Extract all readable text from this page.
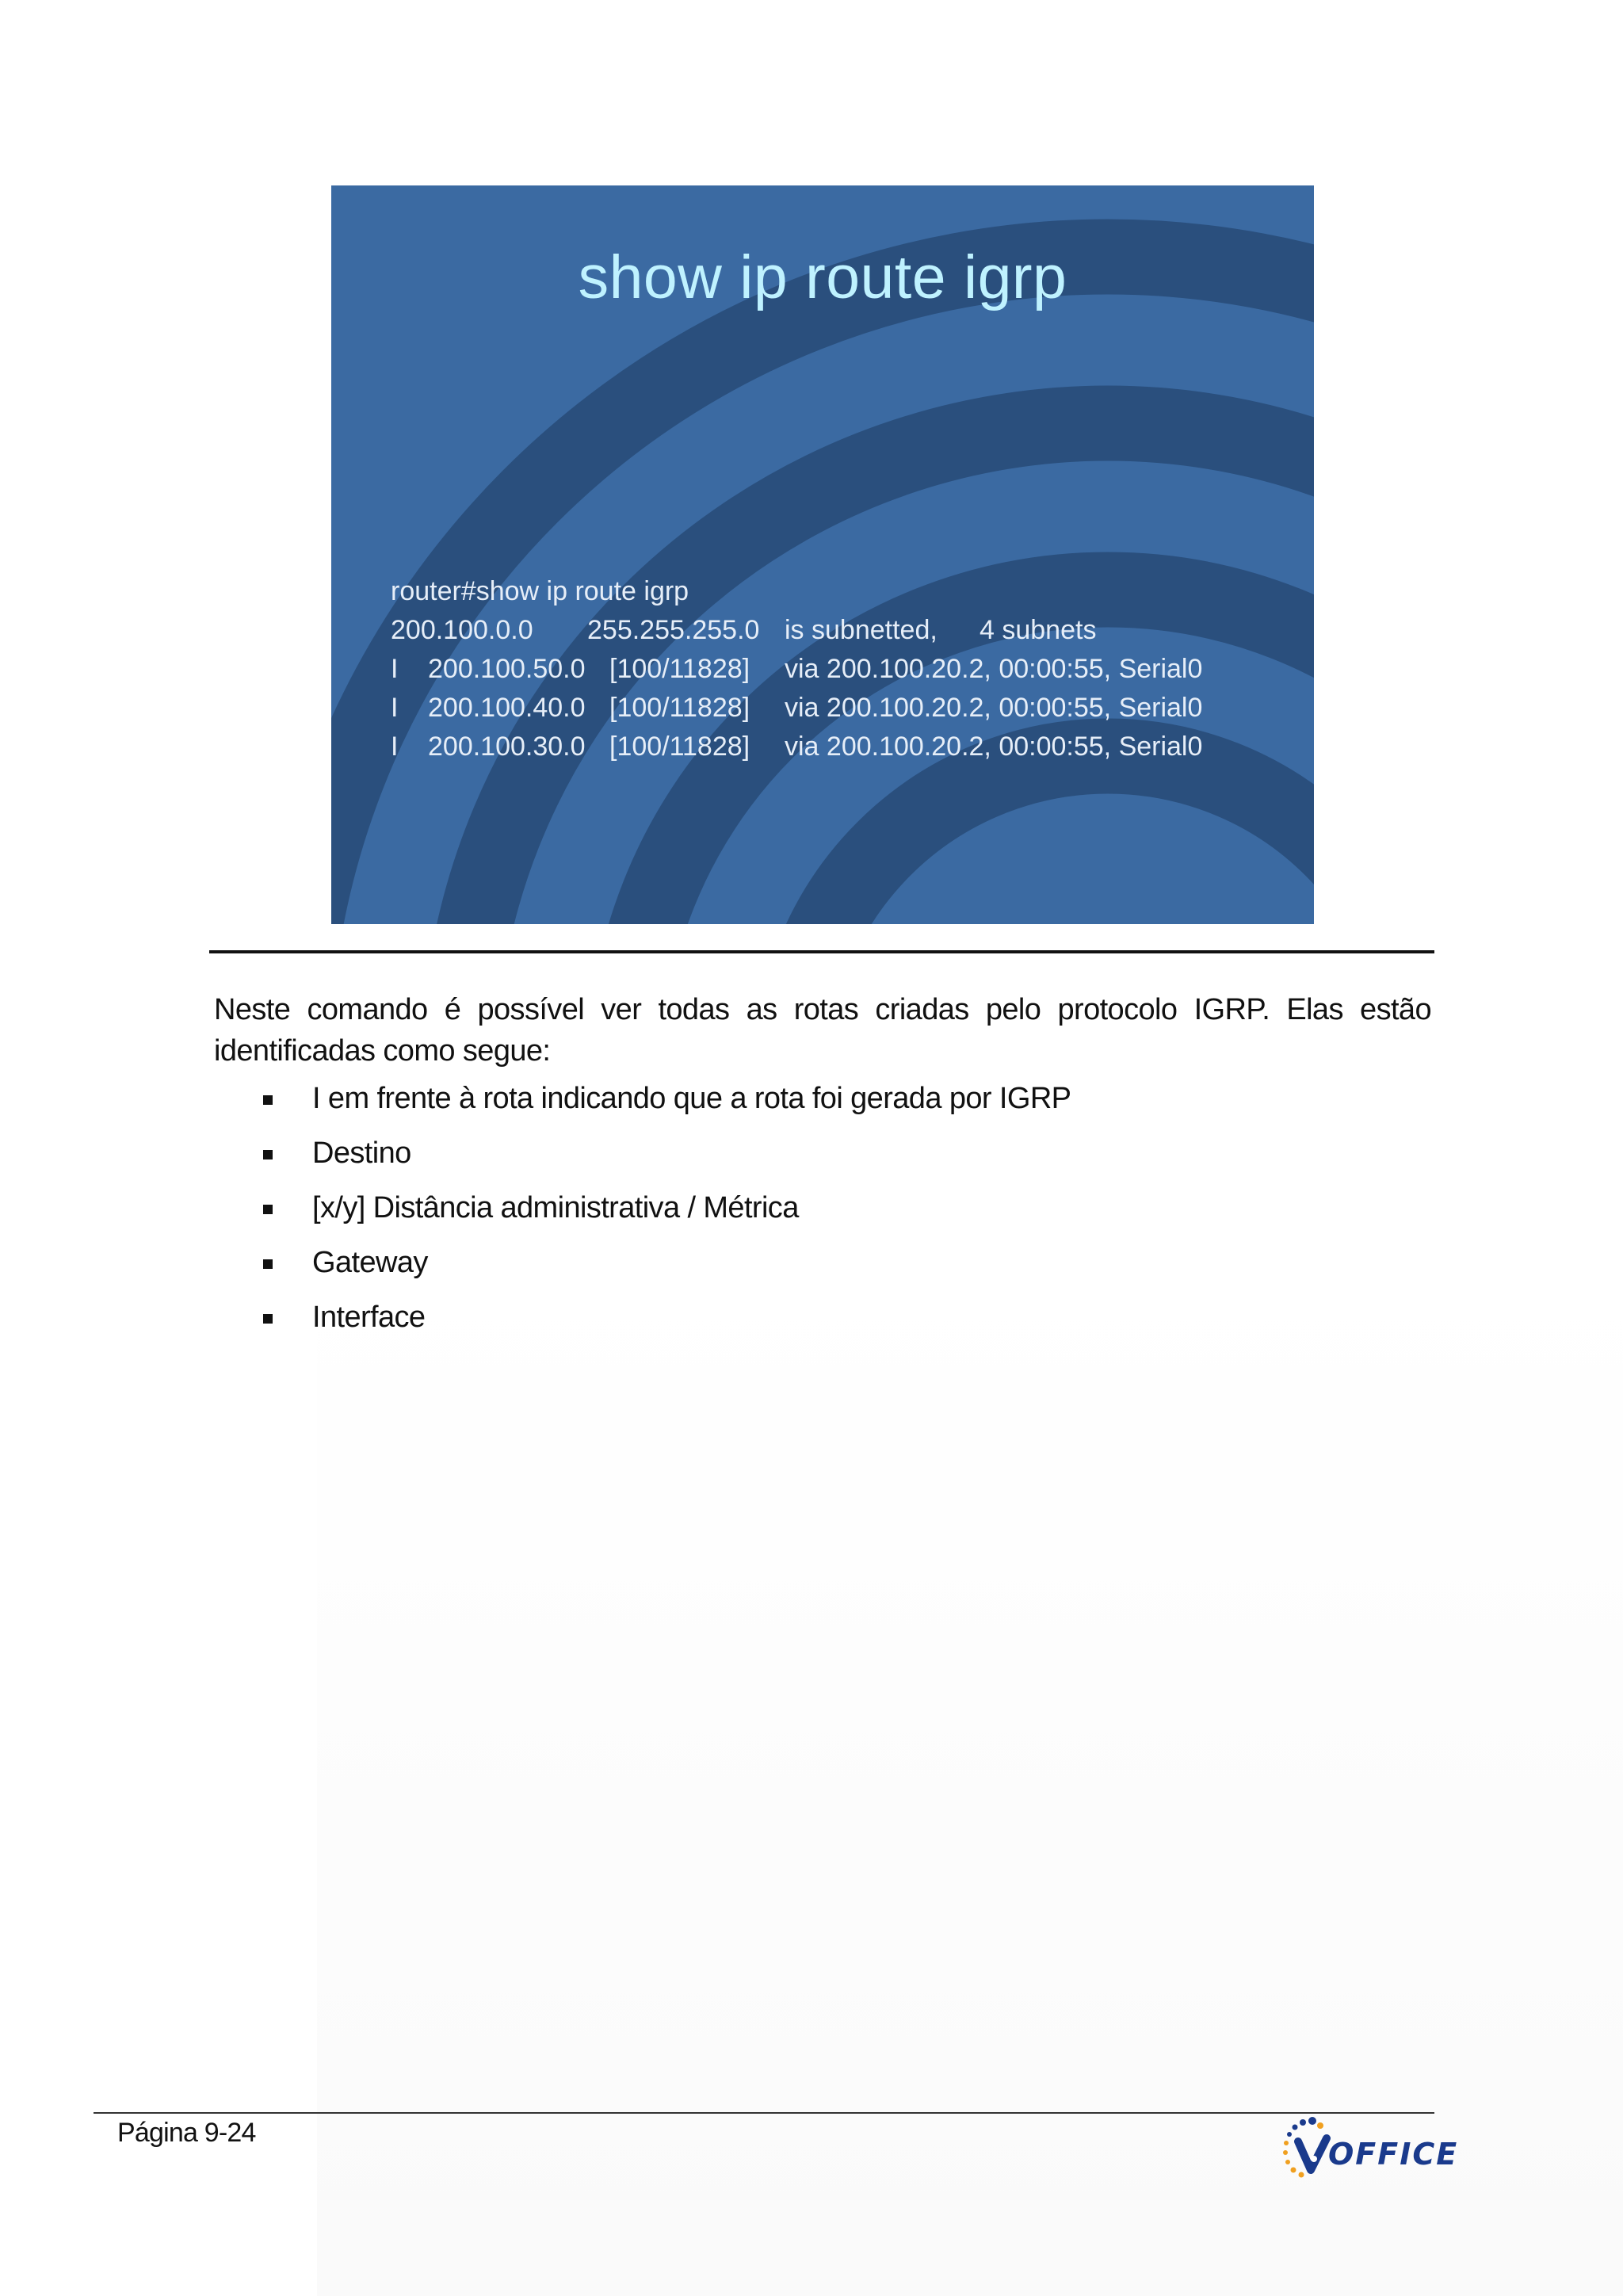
show ip route igrp
router#show ip route igrp
200.100.0.0 255.255.255.0 is subnetted, 4 subnets
I 200.100.50.0 [100/11828] via 200.100.20.2, 00:00:55, Serial0
I 200.100.40.0 [100/11828] via 200.100.20.2, 00:00:55, Serial0
I 200.100.30.0 [100/11828] via 200.100.20.2, 00:00:55, Serial0

Neste comando é possível ver todas as rotas criadas pelo protocolo IGRP. Elas estão identificadas como segue:

I em frente à rota indicando que a rota foi gerada por IGRP
Destino
[x/y] Distância administrativa / Métrica
Gateway
Interface
Página 9-24
OFFICE
